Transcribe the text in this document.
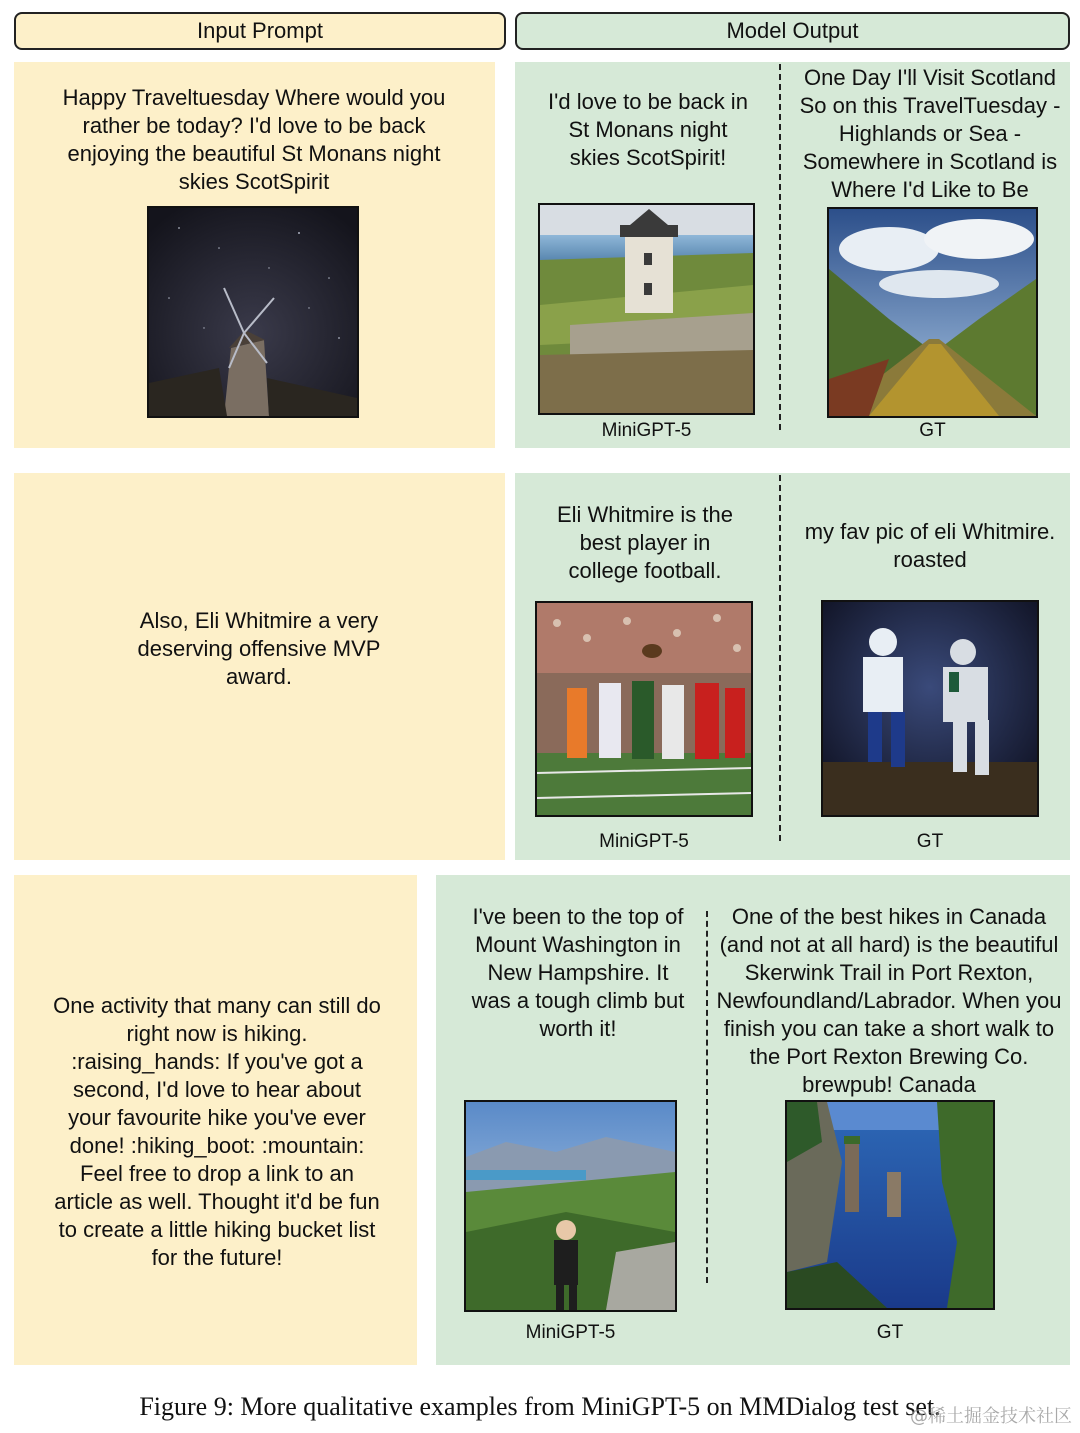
Input Prompt	Model Output
Happy Traveltuesday Where would you rather be today? I'd love to be back enjoying the beautiful St Monans night skies ScotSpirit
I'd love to be back in St Monans night skies ScotSpirit!
MiniGPT-5
One Day I'll Visit Scotland So on this TravelTuesday - Highlands or Sea - Somewhere in Scotland is Where I'd Like to Be
GT
Also, Eli Whitmire a very deserving offensive MVP award.
Eli Whitmire is the best player in college football.
MiniGPT-5
my fav pic of eli Whitmire. roasted
GT
One activity that many can still do right now is hiking. :raising_hands: If you've got a second, I'd love to hear about your favourite hike you've ever done! :hiking_boot: :mountain: Feel free to drop a link to an article as well. Thought it'd be fun to create a little hiking bucket list for the future!
I've been to the top of Mount Washington in New Hampshire. It was a tough climb but worth it!
MiniGPT-5
One of the best hikes in Canada (and not at all hard) is the beautiful Skerwink Trail in Port Rexton, Newfoundland/Labrador. When you finish you can take a short walk to the Port Rexton Brewing Co. brewpub! Canada
GT
Figure 9: More qualitative examples from MiniGPT-5 on MMDialog test set.
@稀土掘金技术社区
